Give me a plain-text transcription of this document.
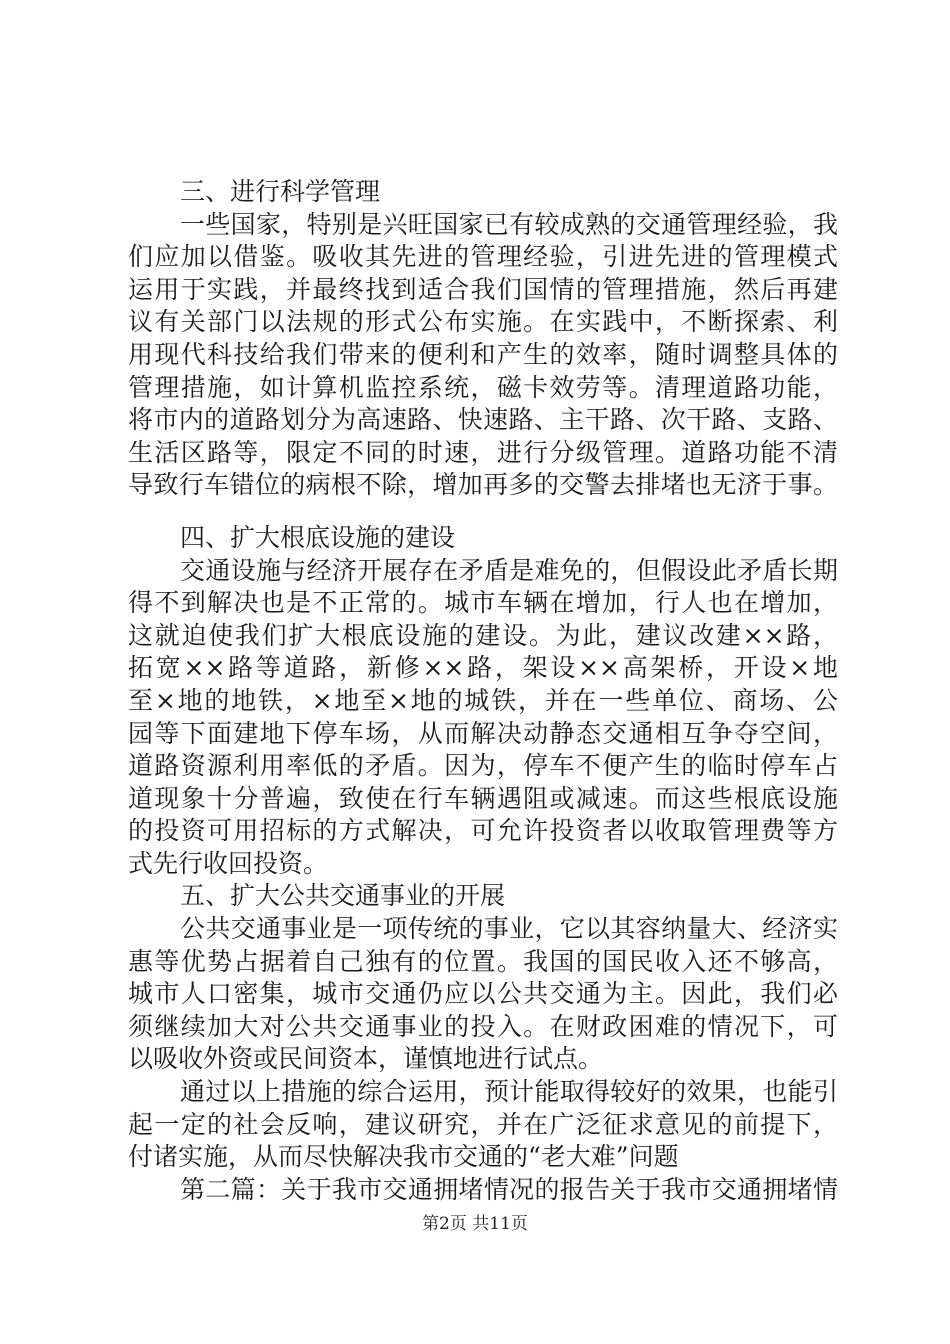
三、进行科学管理
一些国家，特别是兴旺国家已有较成熟的交通管理经验，我
们应加以借鉴。吸收其先进的管理经验，引进先进的管理模式
运用于实践，并最终找到适合我们国情的管理措施，然后再建
议有关部门以法规的形式公布实施。在实践中，不断探索、利
用现代科技给我们带来的便利和产生的效率，随时调整具体的
管理措施，如计算机监控系统，磁卡效劳等。清理道路功能，
将市内的道路划分为高速路、快速路、主干路、次干路、支路、
生活区路等，限定不同的时速，进行分级管理。道路功能不清
导致行车错位的病根不除，增加再多的交警去排堵也无济于事。
四、扩大根底设施的建设
交通设施与经济开展存在矛盾是难免的，但假设此矛盾长期
得不到解决也是不正常的。城市车辆在增加，行人也在增加，
这就迫使我们扩大根底设施的建设。为此，建议改建××路，
拓宽××路等道路，新修××路，架设××高架桥，开设×地
至×地的地铁，×地至×地的城铁，并在一些单位、商场、公
园等下面建地下停车场，从而解决动静态交通相互争夺空间，
道路资源利用率低的矛盾。因为，停车不便产生的临时停车占
道现象十分普遍，致使在行车辆遇阻或减速。而这些根底设施
的投资可用招标的方式解决，可允许投资者以收取管理费等方
式先行收回投资。
五、扩大公共交通事业的开展
公共交通事业是一项传统的事业，它以其容纳量大、经济实
惠等优势占据着自己独有的位置。我国的国民收入还不够高，
城市人口密集，城市交通仍应以公共交通为主。因此，我们必
须继续加大对公共交通事业的投入。在财政困难的情况下，可
以吸收外资或民间资本，谨慎地进行试点。
通过以上措施的综合运用，预计能取得较好的效果，也能引
起一定的社会反响，建议研究，并在广泛征求意见的前提下，
付诸实施，从而尽快解决我市交通的“老大难”问题
第二篇：关于我市交通拥堵情况的报告关于我市交通拥堵情
第2页 共11页
